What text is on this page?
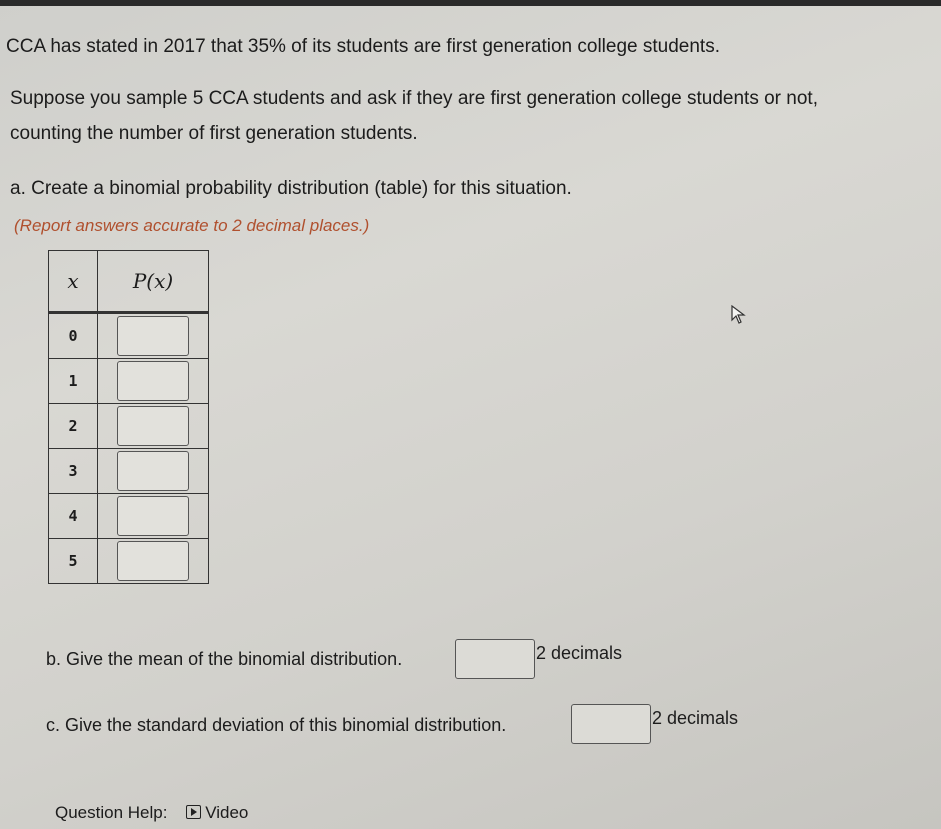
CCA has stated in 2017 that 35% of its students are first generation college students.
Suppose you sample 5 CCA students and ask if they are first generation college students or not,
counting the number of first generation students.
a. Create a binomial probability distribution (table) for this situation.
(Report answers accurate to 2 decimal places.)
x	P(x)
0	
1	
2	
3	
4	
5	
b. Give the mean of the binomial distribution.	2 decimals
c. Give the standard deviation of this binomial distribution.	2 decimals
Question Help: Video
